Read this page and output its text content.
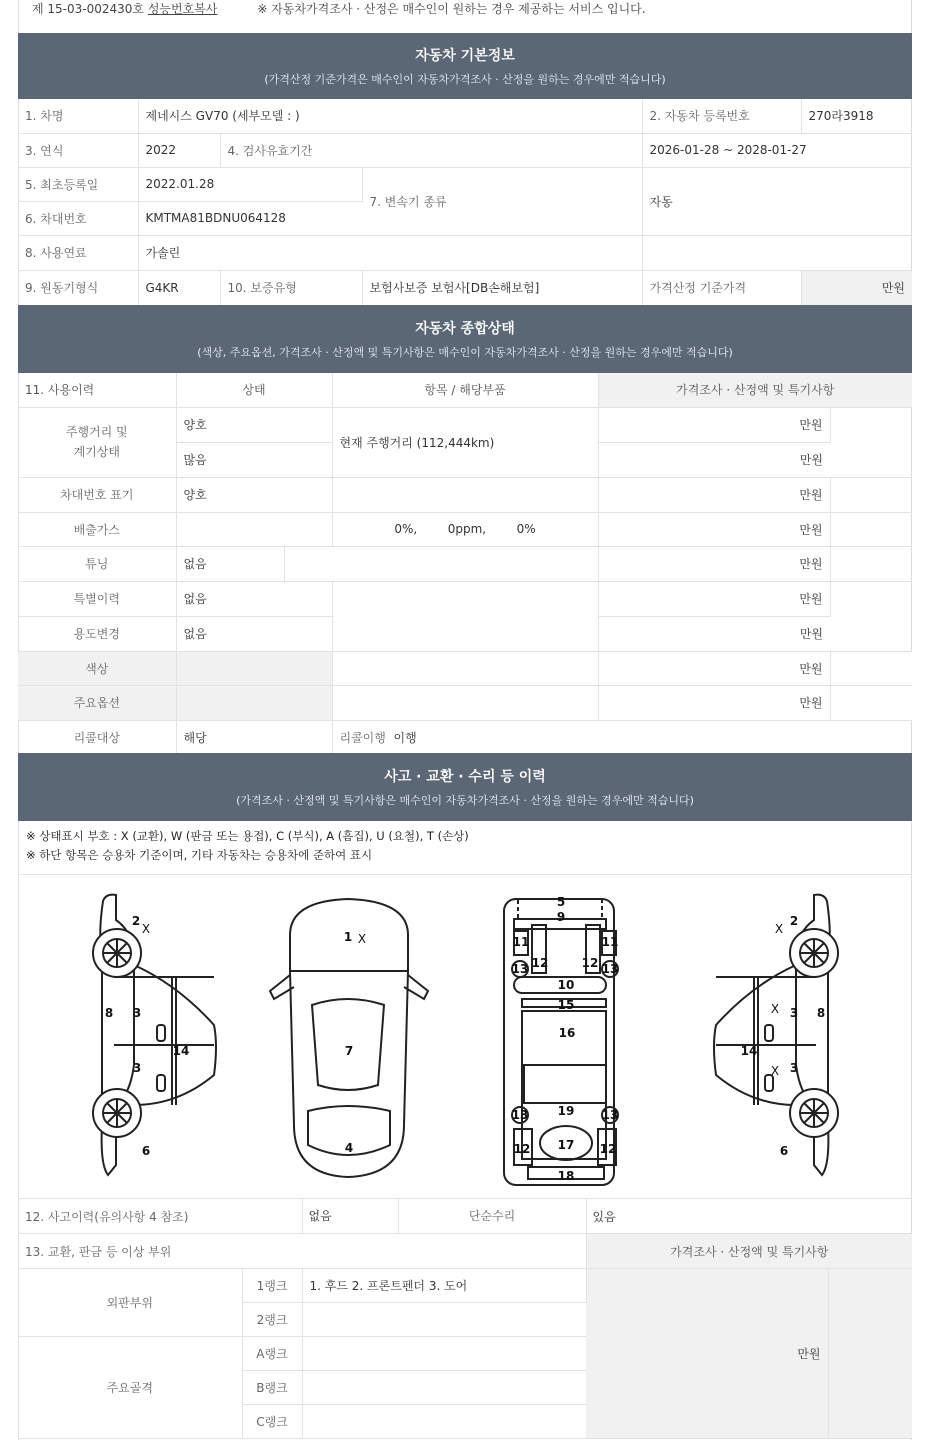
제 15-03-002430호 성능번호복사	※ 자동차가격조사 · 산정은 매수인이 원하는 경우 제공하는 서비스 입니다.
자동차 기본정보
(가격산정 기준가격은 매수인이 자동차가격조사 · 산정을 원하는 경우에만 적습니다)
1. 차명	제네시스 GV70 (세부모델 : )			2. 자동차 등록번호	270라3918
3. 연식	2022	4. 검사유효기간		2026-01-28 ~ 2028-01-27	
5. 최초등록일	2022.01.28		7. 변속기 종류	자동	
6. 차대번호	KMTMA81BDNU064128				
8. 사용연료	가솔린				
9. 원동기형식	G4KR	10. 보증유형	보험사보증 보험사[DB손해보험]	가격산정 기준가격	만원
자동차 종합상태
(색상, 주요옵션, 가격조사 · 산정액 및 특기사항은 매수인이 자동차가격조사 · 산정을 원하는 경우에만 적습니다)
11. 사용이력	상태		항목 / 해당부품	가격조사 · 산정액 및 특기사항	
주행거리 및
계기상태	양호		현재 주행거리 (112,444km)	만원	
	많음			만원	
차대번호 표기	양호			만원	
배출가스			0%,        0ppm,        0%	만원	
튜닝	없음			만원	
특별이력	없음			만원	
용도변경	없음			만원	
색상				만원	
주요옵션				만원	
리콜대상	해당		리콜이행 이행		
사고 · 교환 · 수리 등 이력
(가격조사 · 산정액 및 특기사항은 매수인이 자동차가격조사 · 산정을 원하는 경우에만 적습니다)
※ 상태표시 부호 : X (교환), W (판금 또는 용접), C (부식), A (흠집), U (요철), T (손상)
※ 하단 항목은 승용차 기준이며, 기타 자동차는 승용차에 준하여 표시
2
X
8 3
3
14
6
1 X
7
4
5
9
11	11
12	12
13	13
10
15
16
19
13	13
12	12
17
18
X
2
X 3 8
14
X 3
6
12. 사고이력(유의사항 4 참조)		없음 단순수리 있음		

13. 교환, 판금 등 이상 부위			가격조사 · 산정액 및 특기사항	
외판부위	1랭크	1. 후드 2. 프론트펜더 3. 도어	만원	
	2랭크			
주요골격	A랭크			
	B랭크			
	C랭크			
